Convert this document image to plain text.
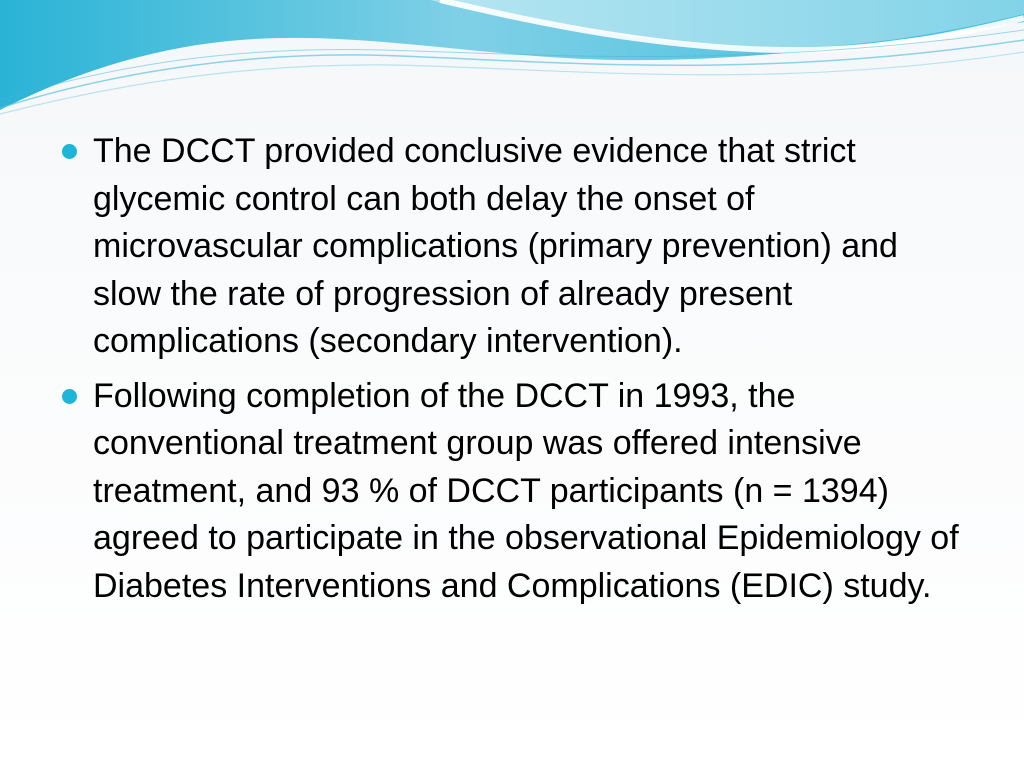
The DCCT provided conclusive evidence that strict glycemic control can both delay the onset of microvascular complications (primary prevention) and slow the rate of progression of already present complications (secondary intervention).
Following completion of the DCCT in 1993, the conventional treatment group was offered intensive treatment, and 93 % of DCCT participants (n = 1394) agreed to participate in the observational Epidemiology of Diabetes Interventions and Complications (EDIC) study.
